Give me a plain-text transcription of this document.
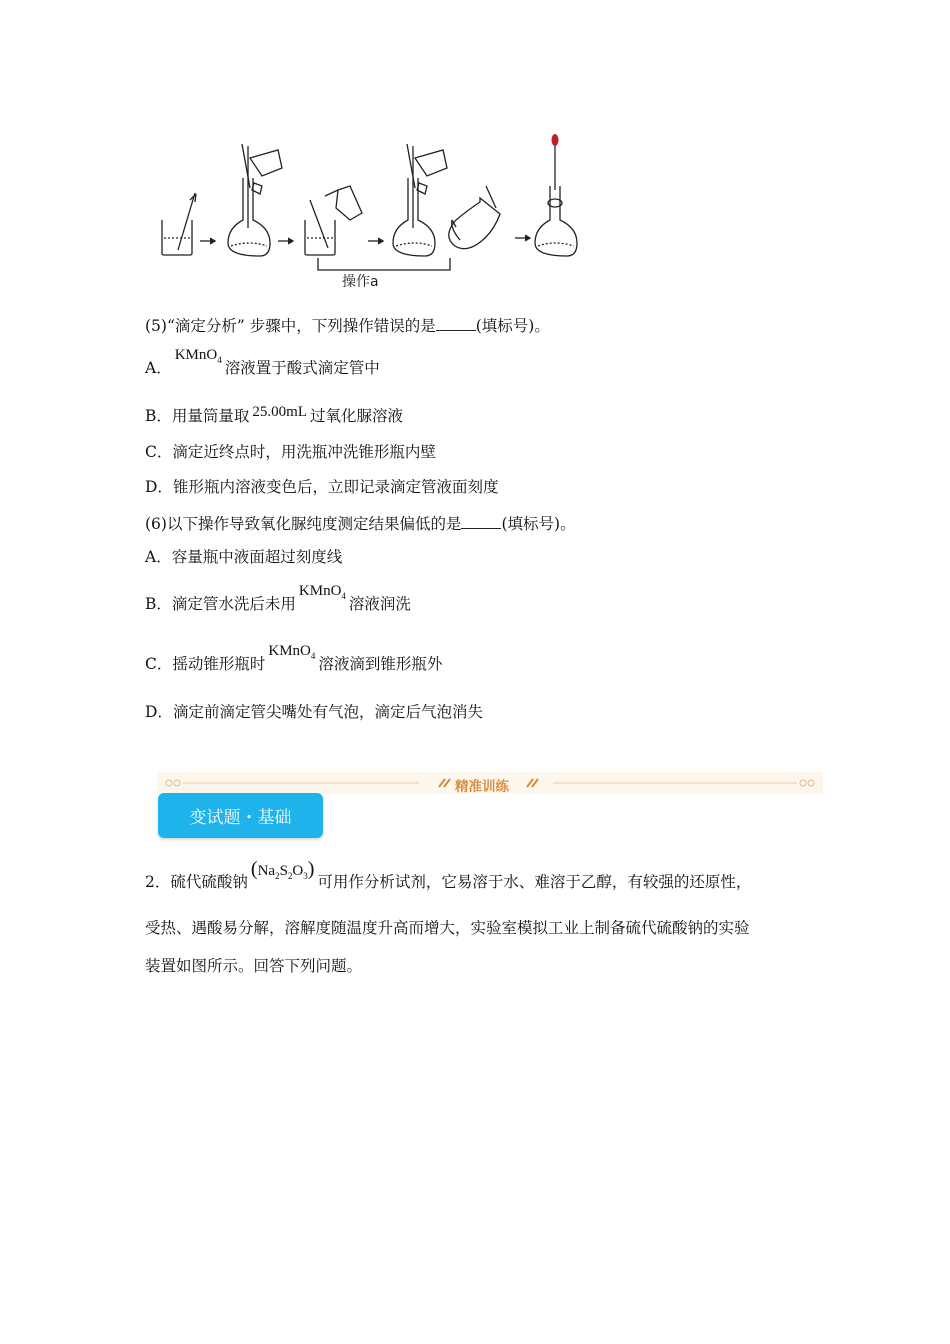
操作a
(5)“滴定分析” 步骤中，下列操作错误的是	(填标号)。
A．KMnO$_4$ 溶液置于酸式滴定管中
B．用量筒量取 25.00mL 过氧化脲溶液
C．滴定近终点时，用洗瓶冲洗锥形瓶内壁
D．锥形瓶内溶液变色后，立即记录滴定管液面刻度
(6)以下操作导致氧化脲纯度测定结果偏低的是	(填标号)。
A．容量瓶中液面超过刻度线
B．滴定管水洗后未用KMnO$_4$ 溶液润洗
C．摇动锥形瓶时KMnO$_4$ 溶液滴到锥形瓶外
D．滴定前滴定管尖嘴处有气泡，滴定后气泡消失
精准训练
变试题・基础
2．硫代硫酸钠$(Na_2S_2O_3)$可用作分析试剂，它易溶于水、难溶于乙醇，有较强的还原性，
受热、遇酸易分解，溶解度随温度升高而增大，实验室模拟工业上制备硫代硫酸钠的实验
装置如图所示。回答下列问题。
